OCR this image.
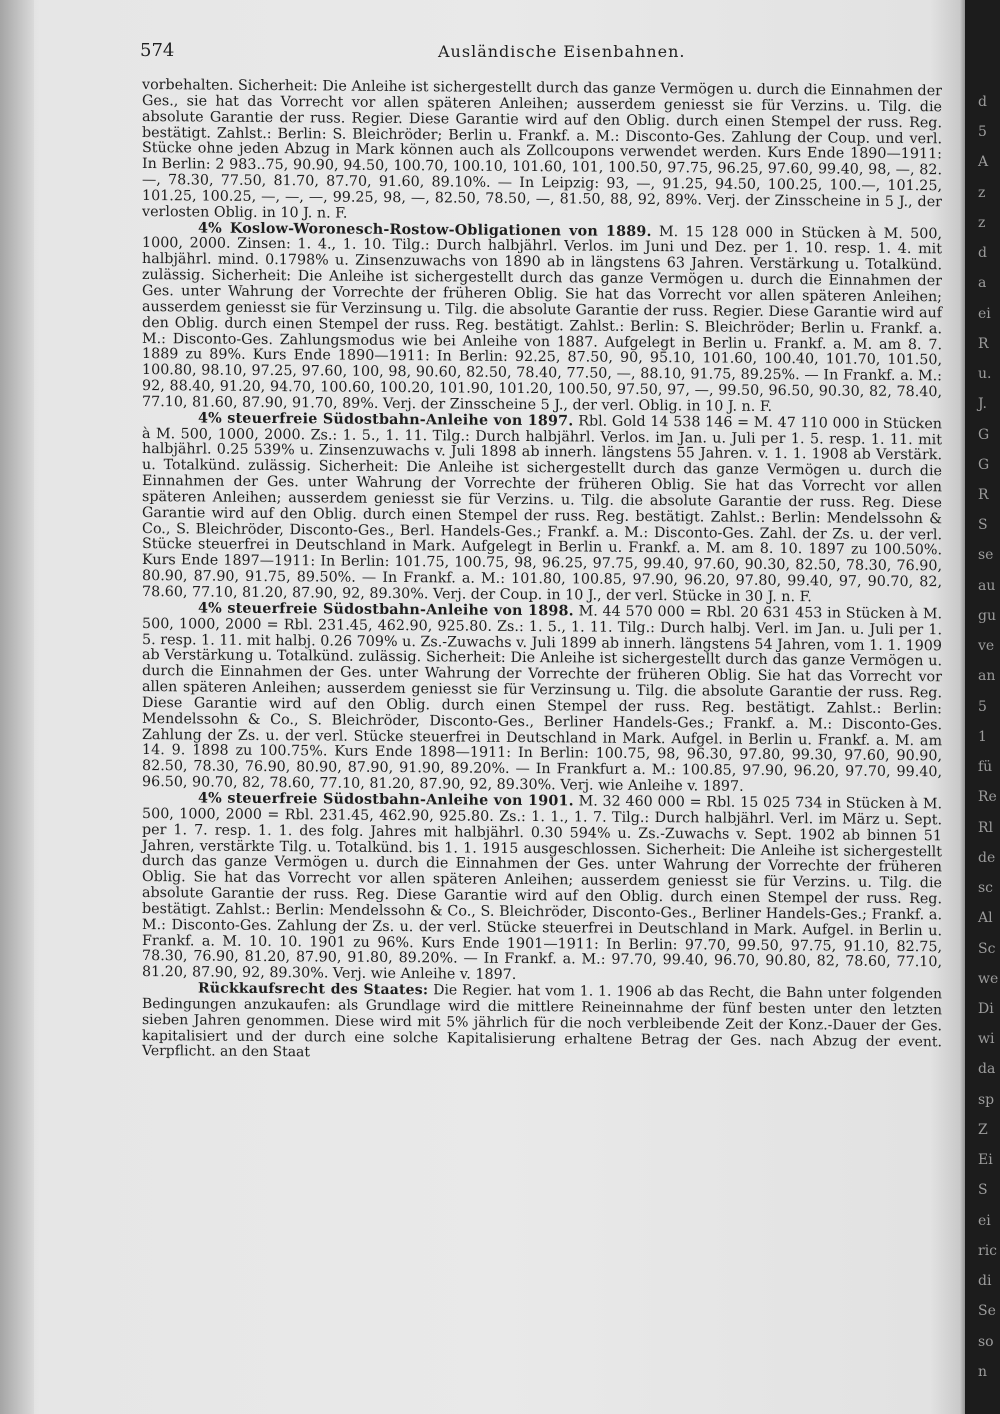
574	Ausländische Eisenbahnen.

vorbehalten. Sicherheit: Die Anleihe ist sichergestellt durch das ganze Vermögen u. durch die Einnahmen der Ges., sie hat das Vorrecht vor allen späteren Anleihen; ausserdem geniesst sie für Verzins. u. Tilg. die absolute Garantie der russ. Regier. Diese Garantie wird auf den Oblig. durch einen Stempel der russ. Reg. bestätigt. Zahlst.: Berlin: S. Bleichröder; Berlin u. Frankf. a. M.: Disconto-Ges. Zahlung der Coup. und verl. Stücke ohne jeden Abzug in Mark können auch als Zollcoupons verwendet werden. Kurs Ende 1890—1911: In Berlin: 2 983..75, 90.90, 94.50, 100.70, 100.10, 101.60, 101, 100.50, 97.75, 96.25, 97.60, 99.40, 98, —, 82.—, 78.30, 77.50, 81.70, 87.70, 91.60, 89.10%. — In Leipzig: 93, —, 91.25, 94.50, 100.25, 100.—, 101.25, 101.25, 100.25, —, —, —, 99.25, 98, —, 82.50, 78.50, —, 81.50, 88, 92, 89%. Verj. der Zinsscheine in 5 J., der verlosten Oblig. in 10 J. n. F.

4% Koslow-Woronesch-Rostow-Obligationen von 1889. M. 15 128 000 in Stücken à M. 500, 1000, 2000. Zinsen: 1. 4., 1. 10. Tilg.: Durch halbjährl. Verlos. im Juni und Dez. per 1. 10. resp. 1. 4. mit halbjährl. mind. 0.1798% u. Zinsenzuwachs von 1890 ab in längstens 63 Jahren. Verstärkung u. Totalkünd. zulässig. Sicherheit: Die Anleihe ist sichergestellt durch das ganze Vermögen u. durch die Einnahmen der Ges. unter Wahrung der Vorrechte der früheren Oblig. Sie hat das Vorrecht vor allen späteren Anleihen; ausserdem geniesst sie für Verzinsung u. Tilg. die absolute Garantie der russ. Regier. Diese Garantie wird auf den Oblig. durch einen Stempel der russ. Reg. bestätigt. Zahlst.: Berlin: S. Bleichröder; Berlin u. Frankf. a. M.: Disconto-Ges. Zahlungsmodus wie bei Anleihe von 1887. Aufgelegt in Berlin u. Frankf. a. M. am 8. 7. 1889 zu 89%. Kurs Ende 1890—1911: In Berlin: 92.25, 87.50, 90, 95.10, 101.60, 100.40, 101.70, 101.50, 100.80, 98.10, 97.25, 97.60, 100, 98, 90.60, 82.50, 78.40, 77.50, —, 88.10, 91.75, 89.25%. — In Frankf. a. M.: 92, 88.40, 91.20, 94.70, 100.60, 100.20, 101.90, 101.20, 100.50, 97.50, 97, —, 99.50, 96.50, 90.30, 82, 78.40, 77.10, 81.60, 87.90, 91.70, 89%. Verj. der Zinsscheine 5 J., der verl. Oblig. in 10 J. n. F.

4% steuerfreie Südostbahn-Anleihe von 1897. Rbl. Gold 14 538 146 = M. 47 110 000 in Stücken à M. 500, 1000, 2000. Zs.: 1. 5., 1. 11. Tilg.: Durch halbjährl. Verlos. im Jan. u. Juli per 1. 5. resp. 1. 11. mit halbjährl. 0.25 539% u. Zinsenzuwachs v. Juli 1898 ab innerh. längstens 55 Jahren. v. 1. 1. 1908 ab Verstärk. u. Totalkünd. zulässig. Sicherheit: Die Anleihe ist sichergestellt durch das ganze Vermögen u. durch die Einnahmen der Ges. unter Wahrung der Vorrechte der früheren Oblig. Sie hat das Vorrecht vor allen späteren Anleihen; ausserdem geniesst sie für Verzins. u. Tilg. die absolute Garantie der russ. Reg. Diese Garantie wird auf den Oblig. durch einen Stempel der russ. Reg. bestätigt. Zahlst.: Berlin: Mendelssohn & Co., S. Bleichröder, Disconto-Ges., Berl. Handels-Ges.; Frankf. a. M.: Disconto-Ges. Zahl. der Zs. u. der verl. Stücke steuerfrei in Deutschland in Mark. Aufgelegt in Berlin u. Frankf. a. M. am 8. 10. 1897 zu 100.50%. Kurs Ende 1897—1911: In Berlin: 101.75, 100.75, 98, 96.25, 97.75, 99.40, 97.60, 90.30, 82.50, 78.30, 76.90, 80.90, 87.90, 91.75, 89.50%. — In Frankf. a. M.: 101.80, 100.85, 97.90, 96.20, 97.80, 99.40, 97, 90.70, 82, 78.60, 77.10, 81.20, 87.90, 92, 89.30%. Verj. der Coup. in 10 J., der verl. Stücke in 30 J. n. F.

4% steuerfreie Südostbahn-Anleihe von 1898. M. 44 570 000 = Rbl. 20 631 453 in Stücken à M. 500, 1000, 2000 = Rbl. 231.45, 462.90, 925.80. Zs.: 1. 5., 1. 11. Tilg.: Durch halbj. Verl. im Jan. u. Juli per 1. 5. resp. 1. 11. mit halbj. 0.26 709% u. Zs.-Zuwachs v. Juli 1899 ab innerh. längstens 54 Jahren, vom 1. 1. 1909 ab Verstärkung u. Totalkünd. zulässig. Sicherheit: Die Anleihe ist sichergestellt durch das ganze Vermögen u. durch die Einnahmen der Ges. unter Wahrung der Vorrechte der früheren Oblig. Sie hat das Vorrecht vor allen späteren Anleihen; ausserdem geniesst sie für Verzinsung u. Tilg. die absolute Garantie der russ. Reg. Diese Garantie wird auf den Oblig. durch einen Stempel der russ. Reg. bestätigt. Zahlst.: Berlin: Mendelssohn & Co., S. Bleichröder, Disconto-Ges., Berliner Handels-Ges.; Frankf. a. M.: Disconto-Ges. Zahlung der Zs. u. der verl. Stücke steuerfrei in Deutschland in Mark. Aufgel. in Berlin u. Frankf. a. M. am 14. 9. 1898 zu 100.75%. Kurs Ende 1898—1911: In Berlin: 100.75, 98, 96.30, 97.80, 99.30, 97.60, 90.90, 82.50, 78.30, 76.90, 80.90, 87.90, 91.90, 89.20%. — In Frankfurt a. M.: 100.85, 97.90, 96.20, 97.70, 99.40, 96.50, 90.70, 82, 78.60, 77.10, 81.20, 87.90, 92, 89.30%. Verj. wie Anleihe v. 1897.

4% steuerfreie Südostbahn-Anleihe von 1901. M. 32 460 000 = Rbl. 15 025 734 in Stücken à M. 500, 1000, 2000 = Rbl. 231.45, 462.90, 925.80. Zs.: 1. 1., 1. 7. Tilg.: Durch halbjährl. Verl. im März u. Sept. per 1. 7. resp. 1. 1. des folg. Jahres mit halbjährl. 0.30 594% u. Zs.-Zuwachs v. Sept. 1902 ab binnen 51 Jahren, verstärkte Tilg. u. Totalkünd. bis 1. 1. 1915 ausgeschlossen. Sicherheit: Die Anleihe ist sichergestellt durch das ganze Vermögen u. durch die Einnahmen der Ges. unter Wahrung der Vorrechte der früheren Oblig. Sie hat das Vorrecht vor allen späteren Anleihen; ausserdem geniesst sie für Verzins. u. Tilg. die absolute Garantie der russ. Reg. Diese Garantie wird auf den Oblig. durch einen Stempel der russ. Reg. bestätigt. Zahlst.: Berlin: Mendelssohn & Co., S. Bleichröder, Disconto-Ges., Berliner Handels-Ges.; Frankf. a. M.: Disconto-Ges. Zahlung der Zs. u. der verl. Stücke steuerfrei in Deutschland in Mark. Aufgel. in Berlin u. Frankf. a. M. 10. 10. 1901 zu 96%. Kurs Ende 1901—1911: In Berlin: 97.70, 99.50, 97.75, 91.10, 82.75, 78.30, 76.90, 81.20, 87.90, 91.80, 89.20%. — In Frankf. a. M.: 97.70, 99.40, 96.70, 90.80, 82, 78.60, 77.10, 81.20, 87.90, 92, 89.30%. Verj. wie Anleihe v. 1897.

Rückkaufsrecht des Staates: Die Regier. hat vom 1. 1. 1906 ab das Recht, die Bahn unter folgenden Bedingungen anzukaufen: als Grundlage wird die mittlere Reineinnahme der fünf besten unter den letzten sieben Jahren genommen. Diese wird mit 5% jährlich für die noch verbleibende Zeit der Konz.-Dauer der Ges. kapitalisiert und der durch eine solche Kapitalisierung erhaltene Betrag der Ges. nach Abzug der event. Verpflicht. an den Staat

d
5
A
z
z
d
a
ei
R
u.
J.
G
G
R
S
se
au
gu
ve
an
5
1
fü
Re
Rl
de
sc
Al
Sc
we
Di
wi
da
sp
Z
Ei
S
ei
ric
di
Se
so
n
